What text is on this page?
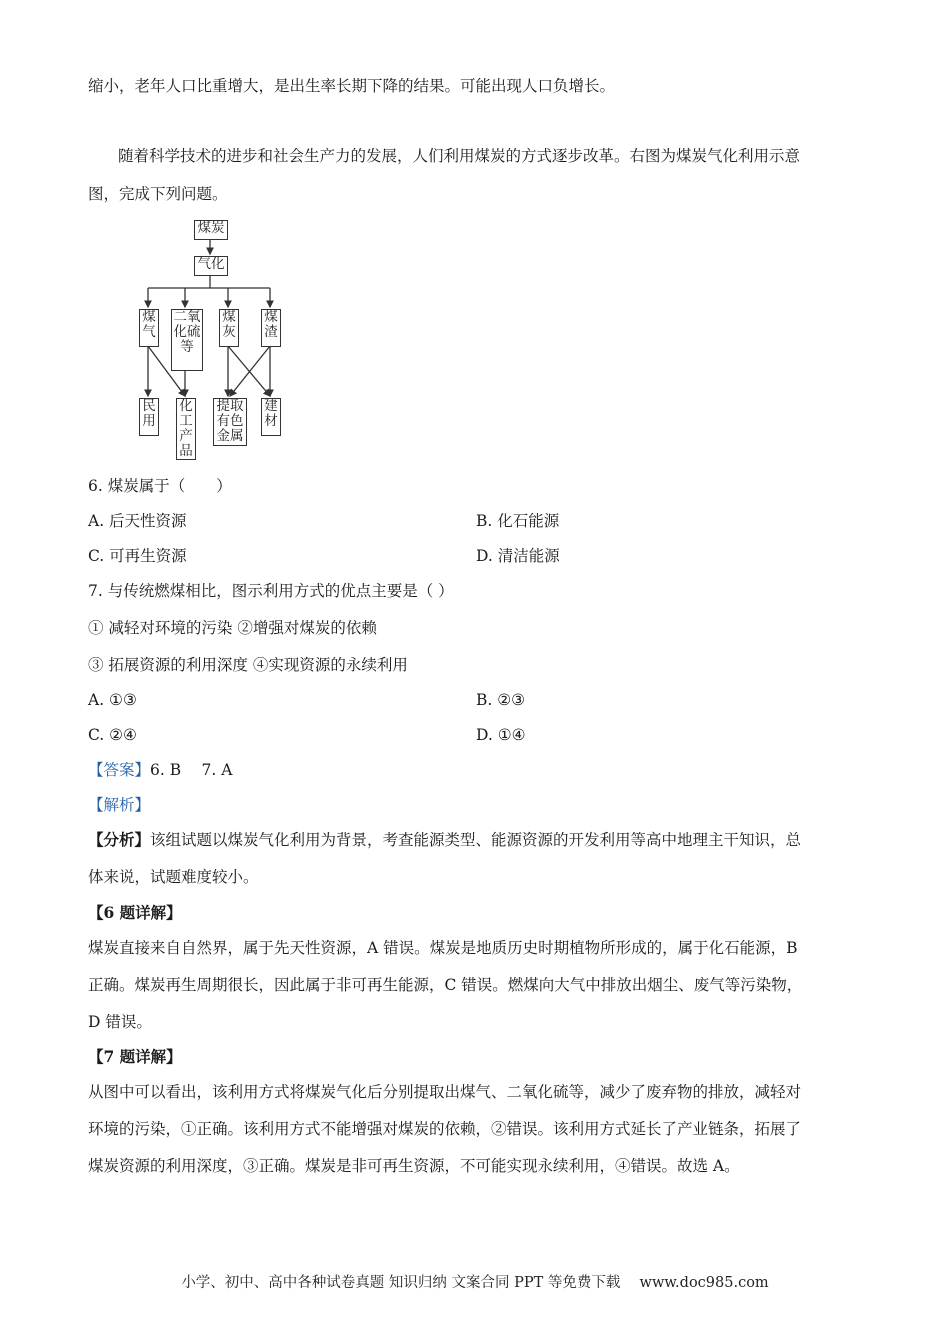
缩小，老年人口比重增大，是出生率长期下降的结果。可能出现人口负增长。
随着科学技术的进步和社会生产力的发展，人们利用煤炭的方式逐步改革。右图为煤炭气化利用示意
图，完成下列问题。
煤炭
气化
煤
气
二氧
化硫
等
煤
灰
煤
渣
民
用
化
工
产
品
提取
有色
金属
建
材
6. 煤炭属于（　　）
A. 后天性资源	B. 化石能源
C. 可再生资源	D. 清洁能源
7. 与传统燃煤相比，图示利用方式的优点主要是（ ）
① 减轻对环境的污染 ②增强对煤炭的依赖
③ 拓展资源的利用深度 ④实现资源的永续利用
A. ①③	B. ②③
C. ②④	D. ①④
【答案】6. B　 7. A
【解析】
【分析】该组试题以煤炭气化利用为背景，考查能源类型、能源资源的开发利用等高中地理主干知识，总
体来说，试题难度较小。
【6 题详解】
煤炭直接来自自然界，属于先天性资源，A 错误。煤炭是地质历史时期植物所形成的，属于化石能源，B
正确。煤炭再生周期很长，因此属于非可再生能源，C 错误。燃煤向大气中排放出烟尘、废气等污染物，
D 错误。
【7 题详解】
从图中可以看出，该利用方式将煤炭气化后分别提取出煤气、二氧化硫等，减少了废弃物的排放，减轻对
环境的污染，①正确。该利用方式不能增强对煤炭的依赖，②错误。该利用方式延长了产业链条，拓展了
煤炭资源的利用深度，③正确。煤炭是非可再生资源，不可能实现永续利用，④错误。故选 A。
小学、初中、高中各种试卷真题 知识归纳 文案合同 PPT 等免费下载　 www.doc985.com
